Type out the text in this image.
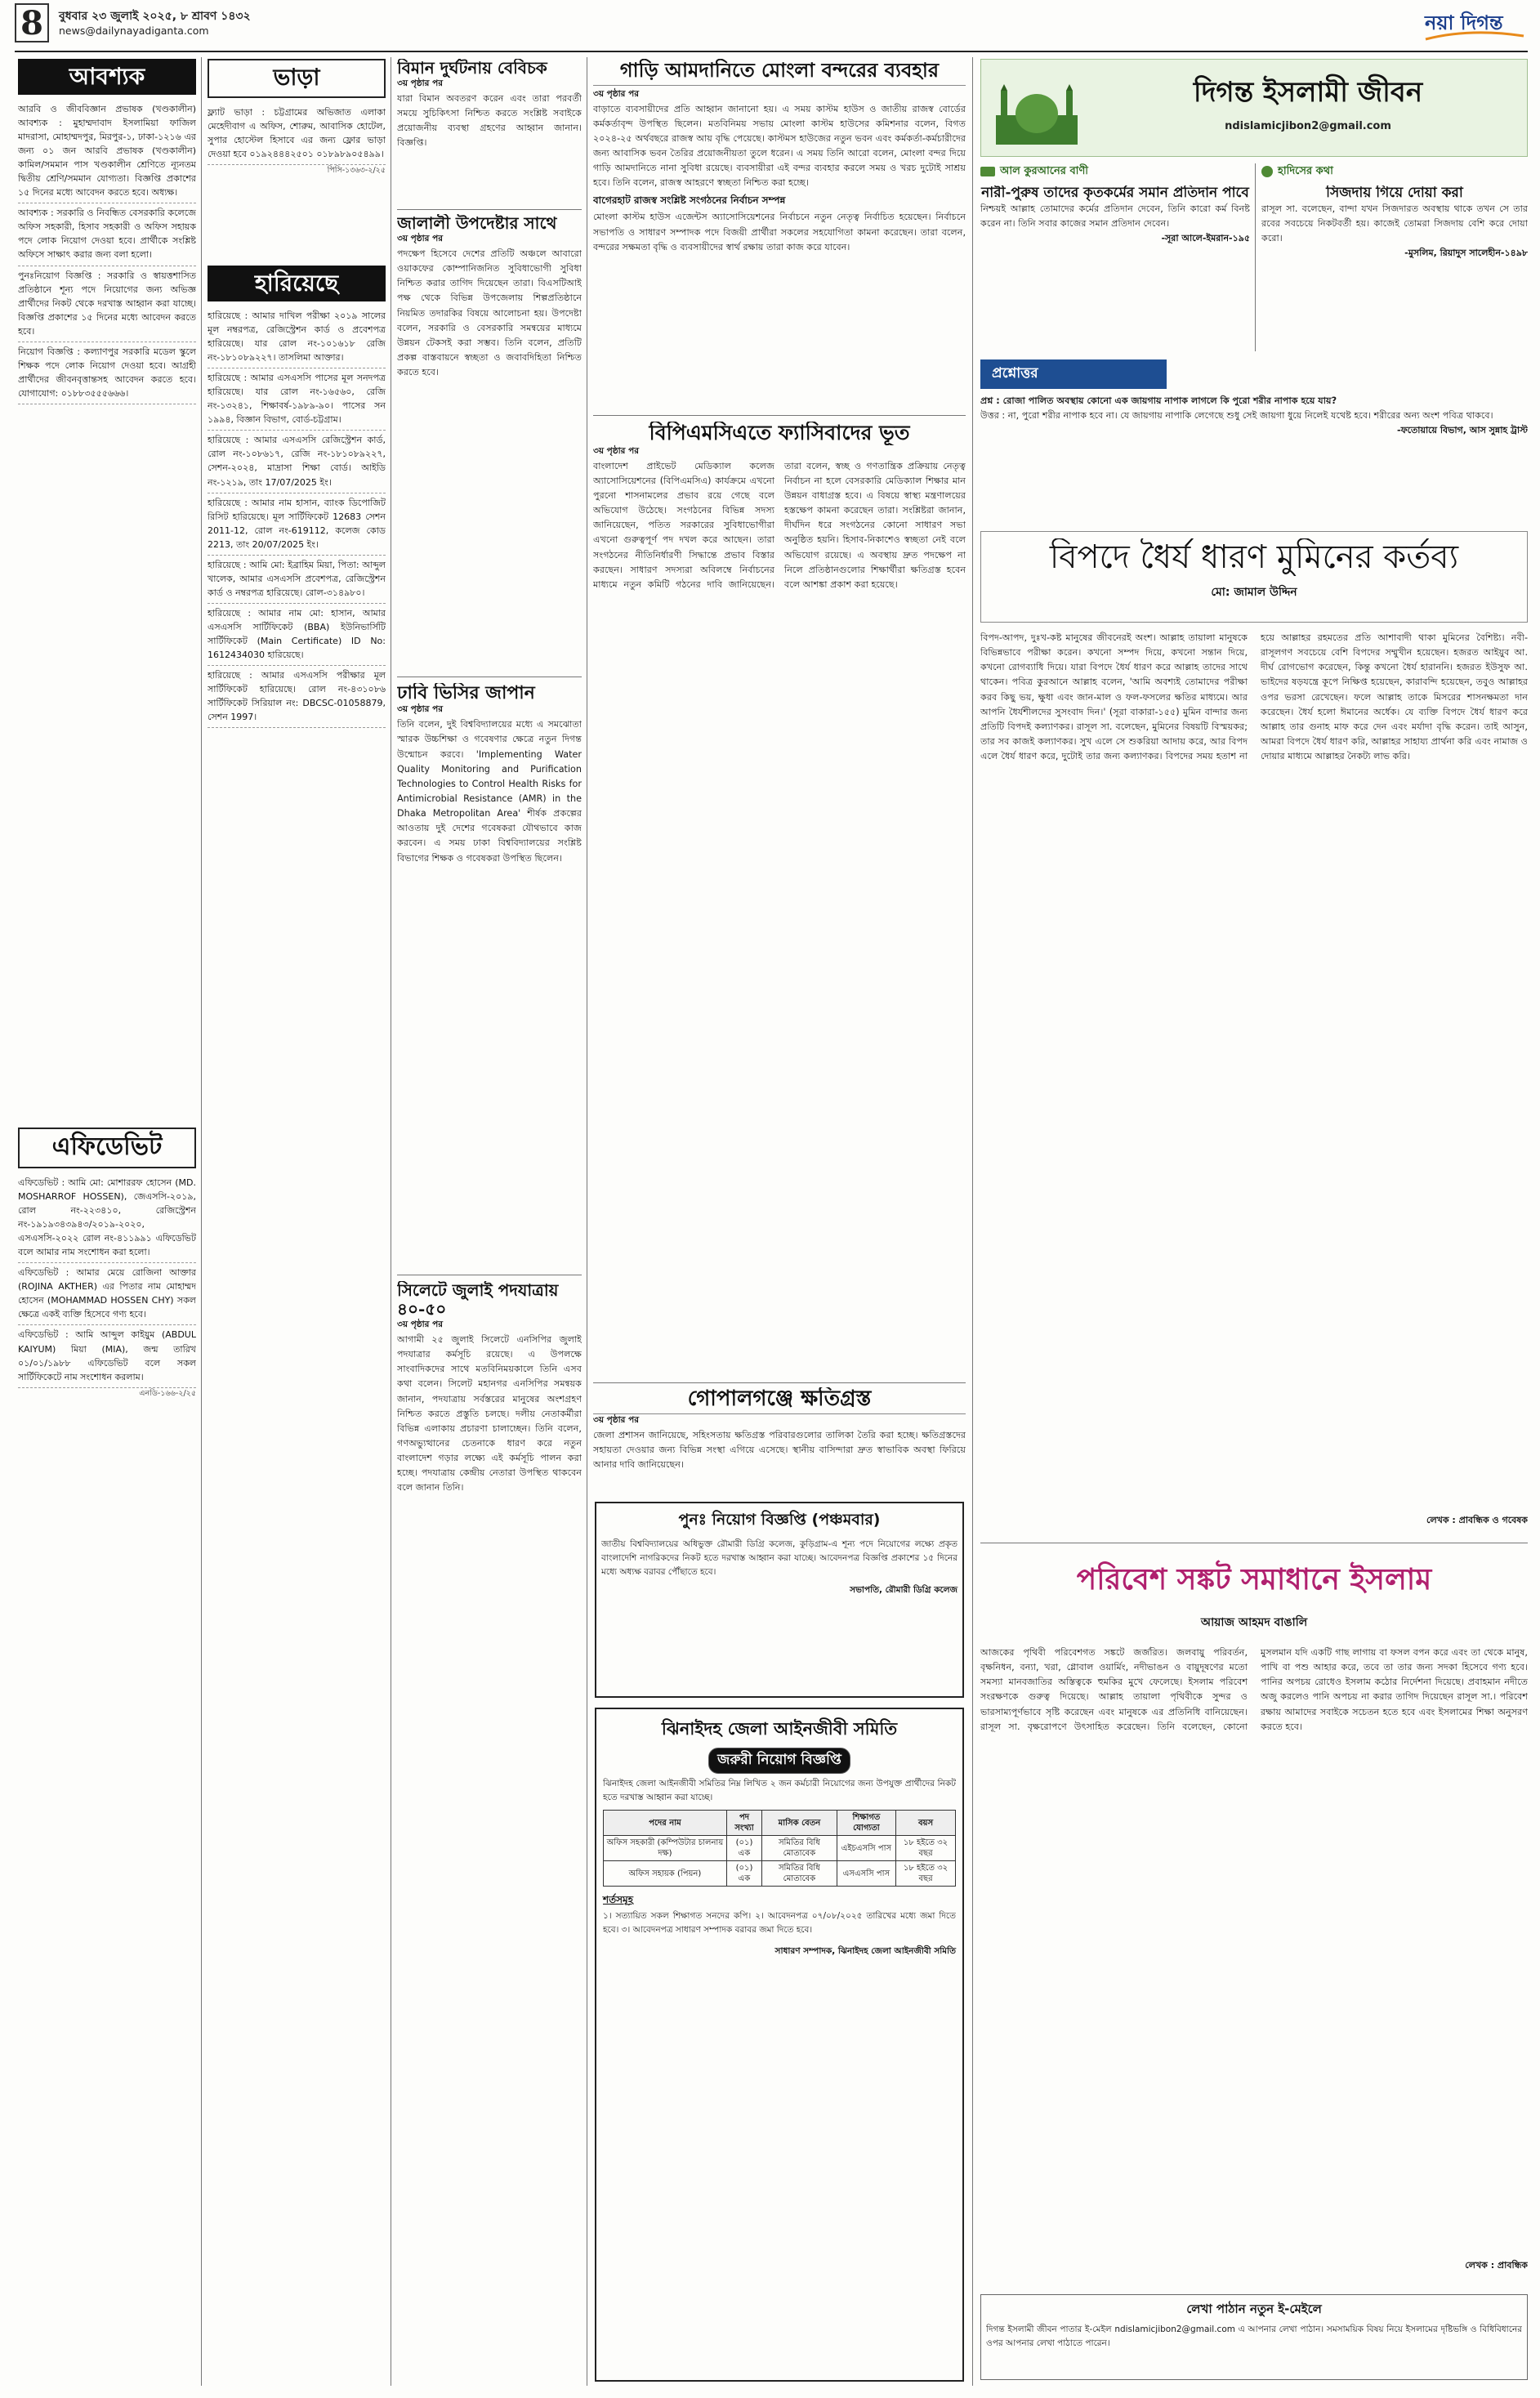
8	বুধবার ২৩ জুলাই ২০২৫, ৮ শ্রাবণ ১৪৩২
news@dailynayadiganta.com	নয়া দিগন্ত
আবশ্যক
আরবি ও জীববিজ্ঞান প্রভাষক (খণ্ডকালীন) আবশ্যক : মুহাম্মদাবাদ ইসলামিয়া ফাজিল মাদরাসা, মোহাম্মদপুর, মিরপুর-১, ঢাকা-১২১৬ এর জন্য ০১ জন আরবি প্রভাষক (খণ্ডকালীন) কামিল/সমমান পাস খণ্ডকালীন শ্রেণিতে ন্যূনতম দ্বিতীয় শ্রেণি/সমমান যোগ্যতা। বিজ্ঞপ্তি প্রকাশের ১৫ দিনের মধ্যে আবেদন করতে হবে। অধ্যক্ষ।
আবশ্যক : সরকারি ও নিবন্ধিত বেসরকারি কলেজে অফিস সহকারী, হিসাব সহকারী ও অফিস সহায়ক পদে লোক নিয়োগ দেওয়া হবে। প্রার্থীকে সংশ্লিষ্ট অফিসে সাক্ষাৎ করার জন্য বলা হলো।
পুনঃনিয়োগ বিজ্ঞপ্তি : সরকারি ও স্বায়ত্তশাসিত প্রতিষ্ঠানে শূন্য পদে নিয়োগের জন্য অভিজ্ঞ প্রার্থীদের নিকট থেকে দরখাস্ত আহ্বান করা যাচ্ছে। বিজ্ঞপ্তি প্রকাশের ১৫ দিনের মধ্যে আবেদন করতে হবে।
নিয়োগ বিজ্ঞপ্তি : কল্যাণপুর সরকারি মডেল স্কুলে শিক্ষক পদে লোক নিয়োগ দেওয়া হবে। আগ্রহী প্রার্থীদের জীবনবৃত্তান্তসহ আবেদন করতে হবে। যোগাযোগ: ০১৮৮৩৫৫৫৬৬৬।
এফিডেভিট
এফিডেভিট : আমি মো: মোশাররফ হোসেন (MD. MOSHARROF HOSSEN), জেএসসি-২০১৯, রোল নং-২২৩৪১০, রেজিস্ট্রেশন নং-১৯১৯৩৪৩৯৪৩/২০১৯-২০২০, এসএসসি-২০২২ রোল নং-৪১১৯৯১ এফিডেভিট বলে আমার নাম সংশোধন করা হলো।
এফিডেভিট : আমার মেয়ে রোজিনা আক্তার (ROJINA AKTHER) এর পিতার নাম মোহাম্মদ হোসেন (MOHAMMAD HOSSEN CHY) সকল ক্ষেত্রে একই ব্যক্তি হিসেবে গণ্য হবে।
এফিডেভিট : আমি আব্দুল কাইয়ুম (ABDUL KAIYUM) মিয়া (MIA), জন্ম তারিখ ০১/০১/১৯৮৮ এফিডেভিট বলে সকল সার্টিফিকেটে নাম সংশোধন করলাম।
এনডি-১৬৬-২/২৫
ভাড়া
ফ্ল্যাট ভাড়া : চট্টগ্রামের অভিজাত এলাকা মেহেদীবাগ এ অফিস, শোরুম, আবাসিক হোটেল, সুপার হোস্টেল হিসাবে এর জন্য ফ্লোর ভাড়া দেওয়া হবে ০১৯২৪৪৪২৫০১ ০১৮৯৮৯০৫৪৯৯।
পিসি-১৩৬৩-২/২৫
হারিয়েছে
হারিয়েছে : আমার দাখিল পরীক্ষা ২০১৯ সালের মূল নম্বরপত্র, রেজিস্ট্রেশন কার্ড ও প্রবেশপত্র হারিয়েছে। যার রোল নং-১০১৬১৮ রেজি নং-১৮১০৮৯২২৭। তাসলিমা আক্তার।
হারিয়েছে : আমার এসএসসি পাসের মূল সনদপত্র হারিয়েছে। যার রোল নং-১৬৫৬০, রেজি নং-১৩২৪১, শিক্ষাবর্ষ-১৯৮৯-৯০। পাসের সন ১৯৯৪, বিজ্ঞান বিভাগ, বোর্ড-চট্টগ্রাম।
হারিয়েছে : আমার এসএসসি রেজিস্ট্রেশন কার্ড, রোল নং-১০৮৬১৭, রেজি নং-১৮১০৮৯২২৭, সেশন-২০২৪, মাদ্রাসা শিক্ষা বোর্ড। আইডি নং-১২১৯, তাং 17/07/2025 ইং।
হারিয়েছে : আমার নাম হাসান, ব্যাংক ডিপোজিট রিসিট হারিয়েছে। মূল সার্টিফিকেট 12683 সেশন 2011-12, রোল নং-619112, কলেজ কোড 2213, তাং 20/07/2025 ইং।
হারিয়েছে : আমি মো: ইব্রাহিম মিয়া, পিতা: আব্দুল খালেক, আমার এসএসসি প্রবেশপত্র, রেজিস্ট্রেশন কার্ড ও নম্বরপত্র হারিয়েছে। রোল-৩১৪৯৮০।
হারিয়েছে : আমার নাম মো: হাসান, আমার এসএসসি সার্টিফিকেট (BBA) ইউনিভার্সিটি সার্টিফিকেট (Main Certificate) ID No: 1612434030 হারিয়েছে।
হারিয়েছে : আমার এসএসসি পরীক্ষার মূল সার্টিফিকেট হারিয়েছে। রোল নং-৪৩১০৮৬ সার্টিফিকেট সিরিয়াল নং: DBCSC-01058879, সেশন 1997।
বিমান দুর্ঘটনায় বেবিচক
৩য় পৃষ্ঠার পর
যারা বিমান অবতরণ করেন এবং তারা পরবর্তী সময়ে সুচিকিৎসা নিশ্চিত করতে সংশ্লিষ্ট সবাইকে প্রয়োজনীয় ব্যবস্থা গ্রহণের আহ্বান জানান। বিজ্ঞপ্তি।
জালালী উপদেষ্টার সাথে
৩য় পৃষ্ঠার পর
পদক্ষেপ হিসেবে দেশের প্রতিটি অঞ্চলে আবারো ওয়াকফের কোম্পানিজনিত সুবিধাভোগী সুবিধা নিশ্চিত করার তাগিদ দিয়েছেন তারা। বিএসটিআই পক্ষ থেকে বিভিন্ন উপজেলায় শিল্পপ্রতিষ্ঠানে নিয়মিত তদারকির বিষয়ে আলোচনা হয়। উপদেষ্টা বলেন, সরকারি ও বেসরকারি সমন্বয়ের মাধ্যমে উন্নয়ন টেকসই করা সম্ভব। তিনি বলেন, প্রতিটি প্রকল্প বাস্তবায়নে স্বচ্ছতা ও জবাবদিহিতা নিশ্চিত করতে হবে।
ঢাবি ভিসির জাপান
৩য় পৃষ্ঠার পর
তিনি বলেন, দুই বিশ্ববিদ্যালয়ের মধ্যে এ সমঝোতা স্মারক উচ্চশিক্ষা ও গবেষণার ক্ষেত্রে নতুন দিগন্ত উন্মোচন করবে। 'Implementing Water Quality Monitoring and Purification Technologies to Control Health Risks for Antimicrobial Resistance (AMR) in the Dhaka Metropolitan Area' শীর্ষক প্রকল্পের আওতায় দুই দেশের গবেষকরা যৌথভাবে কাজ করবেন। এ সময় ঢাকা বিশ্ববিদ্যালয়ের সংশ্লিষ্ট বিভাগের শিক্ষক ও গবেষকরা উপস্থিত ছিলেন।
সিলেটে জুলাই পদযাত্রায় ৪০-৫০
৩য় পৃষ্ঠার পর
আগামী ২৫ জুলাই সিলেটে এনসিপির জুলাই পদযাত্রার কর্মসূচি রয়েছে। এ উপলক্ষে সাংবাদিকদের সাথে মতবিনিময়কালে তিনি এসব কথা বলেন। সিলেট মহানগর এনসিপির সমন্বয়ক জানান, পদযাত্রায় সর্বস্তরের মানুষের অংশগ্রহণ নিশ্চিত করতে প্রস্তুতি চলছে। দলীয় নেতাকর্মীরা বিভিন্ন এলাকায় প্রচারণা চালাচ্ছেন। তিনি বলেন, গণঅভ্যুত্থানের চেতনাকে ধারণ করে নতুন বাংলাদেশ গড়ার লক্ষ্যে এই কর্মসূচি পালন করা হচ্ছে। পদযাত্রায় কেন্দ্রীয় নেতারা উপস্থিত থাকবেন বলে জানান তিনি।
গাড়ি আমদানিতে মোংলা বন্দরের ব্যবহার
৩য় পৃষ্ঠার পর
বাড়াতে ব্যবসায়ীদের প্রতি আহ্বান জানানো হয়। এ সময় কাস্টম হাউস ও জাতীয় রাজস্ব বোর্ডের কর্মকর্তাবৃন্দ উপস্থিত ছিলেন। মতবিনিময় সভায় মোংলা কাস্টম হাউসের কমিশনার বলেন, বিগত ২০২৪-২৫ অর্থবছরে রাজস্ব আয় বৃদ্ধি পেয়েছে। কাস্টমস হাউজের নতুন ভবন এবং কর্মকর্তা-কর্মচারীদের জন্য আবাসিক ভবন তৈরির প্রয়োজনীয়তা তুলে ধরেন। এ সময় তিনি আরো বলেন, মোংলা বন্দর দিয়ে গাড়ি আমদানিতে নানা সুবিধা রয়েছে। ব্যবসায়ীরা এই বন্দর ব্যবহার করলে সময় ও খরচ দুটোই সাশ্রয় হবে। তিনি বলেন, রাজস্ব আহরণে স্বচ্ছতা নিশ্চিত করা হচ্ছে।
বাগেরহাট রাজস্ব সংশ্লিষ্ট সংগঠনের নির্বাচন সম্পন্ন
মোংলা কাস্টম হাউস এজেন্টস অ্যাসোসিয়েশনের নির্বাচনে নতুন নেতৃত্ব নির্বাচিত হয়েছেন। নির্বাচনে সভাপতি ও সাধারণ সম্পাদক পদে বিজয়ী প্রার্থীরা সকলের সহযোগিতা কামনা করেছেন। তারা বলেন, বন্দরের সক্ষমতা বৃদ্ধি ও ব্যবসায়ীদের স্বার্থ রক্ষায় তারা কাজ করে যাবেন।
বিপিএমসিএতে ফ্যাসিবাদের ভূত
৩য় পৃষ্ঠার পর
বাংলাদেশ প্রাইভেট মেডিক্যাল কলেজ অ্যাসোসিয়েশনের (বিপিএমসিএ) কার্যক্রমে এখনো পুরনো শাসনামলের প্রভাব রয়ে গেছে বলে অভিযোগ উঠেছে। সংগঠনের বিভিন্ন সদস্য জানিয়েছেন, পতিত সরকারের সুবিধাভোগীরা এখনো গুরুত্বপূর্ণ পদ দখল করে আছেন। তারা সংগঠনের নীতিনির্ধারণী সিদ্ধান্তে প্রভাব বিস্তার করছেন। সাধারণ সদস্যরা অবিলম্বে নির্বাচনের মাধ্যমে নতুন কমিটি গঠনের দাবি জানিয়েছেন। তারা বলেন, স্বচ্ছ ও গণতান্ত্রিক প্রক্রিয়ায় নেতৃত্ব নির্বাচন না হলে বেসরকারি মেডিক্যাল শিক্ষার মান উন্নয়ন বাধাগ্রস্ত হবে। এ বিষয়ে স্বাস্থ্য মন্ত্রণালয়ের হস্তক্ষেপ কামনা করেছেন তারা। সংশ্লিষ্টরা জানান, দীর্ঘদিন ধরে সংগঠনের কোনো সাধারণ সভা অনুষ্ঠিত হয়নি। হিসাব-নিকাশেও স্বচ্ছতা নেই বলে অভিযোগ রয়েছে। এ অবস্থায় দ্রুত পদক্ষেপ না নিলে প্রতিষ্ঠানগুলোর শিক্ষার্থীরা ক্ষতিগ্রস্ত হবেন বলে আশঙ্কা প্রকাশ করা হয়েছে।
গোপালগঞ্জে ক্ষতিগ্রস্ত
৩য় পৃষ্ঠার পর
জেলা প্রশাসন জানিয়েছে, সহিংসতায় ক্ষতিগ্রস্ত পরিবারগুলোর তালিকা তৈরি করা হচ্ছে। ক্ষতিগ্রস্তদের সহায়তা দেওয়ার জন্য বিভিন্ন সংস্থা এগিয়ে এসেছে। স্থানীয় বাসিন্দারা দ্রুত স্বাভাবিক অবস্থা ফিরিয়ে আনার দাবি জানিয়েছেন।
পুনঃ নিয়োগ বিজ্ঞপ্তি (পঞ্চমবার)
জাতীয় বিশ্ববিদ্যালয়ের অধিভুক্ত রৌমারী ডিগ্রি কলেজ, কুড়িগ্রাম-এ শূন্য পদে নিয়োগের লক্ষ্যে প্রকৃত বাংলাদেশি নাগরিকদের নিকট হতে দরখাস্ত আহ্বান করা যাচ্ছে। আবেদনপত্র বিজ্ঞপ্তি প্রকাশের ১৫ দিনের মধ্যে অধ্যক্ষ বরাবর পৌঁছাতে হবে।
সভাপতি, রৌমারী ডিগ্রি কলেজ
ঝিনাইদহ জেলা আইনজীবী সমিতি
জরুরী নিয়োগ বিজ্ঞপ্তি
ঝিনাইদহ জেলা আইনজীবী সমিতির নিম্ন লিখিত ২ জন কর্মচারী নিয়োগের জন্য উপযুক্ত প্রার্থীদের নিকট হতে দরখাস্ত আহ্বান করা যাচ্ছে।
পদের নাম	পদ সংখ্যা	মাসিক বেতন	শিক্ষাগত যোগ্যতা	বয়স
অফিস সহকারী (কম্পিউটার চালনায় দক্ষ)	(০১) এক	সমিতির বিধি মোতাবেক	এইচএসসি পাস	১৮ হইতে ৩২ বছর
অফিস সহায়ক (পিয়ন)	(০১) এক	সমিতির বিধি মোতাবেক	এসএসসি পাস	১৮ হইতে ৩২ বছর
শর্তসমূহ
১। সত্যায়িত সকল শিক্ষাগত সনদের কপি। ২। আবেদনপত্র ০৭/০৮/২০২৫ তারিখের মধ্যে জমা দিতে হবে। ৩। আবেদনপত্র সাধারণ সম্পাদক বরাবর জমা দিতে হবে।
সাধারণ সম্পাদক, ঝিনাইদহ জেলা আইনজীবী সমিতি
দিগন্ত ইসলামী জীবন
ndislamicjibon2@gmail.com
আল কুরআনের বাণী
নারী-পুরুষ তাদের কৃতকর্মের সমান প্রতিদান পাবে
নিশ্চয়ই আল্লাহ তোমাদের কর্মের প্রতিদান দেবেন, তিনি কারো কর্ম বিনষ্ট করেন না। তিনি সবার কাজের সমান প্রতিদান দেবেন।
-সূরা আলে-ইমরান-১৯৫
হাদিসের কথা
সিজদায় গিয়ে দোয়া করা
রাসূল সা. বলেছেন, বান্দা যখন সিজদারত অবস্থায় থাকে তখন সে তার রবের সবচেয়ে নিকটবর্তী হয়। কাজেই তোমরা সিজদায় বেশি করে দোয়া করো।
-মুসলিম, রিয়াদুস সালেহীন-১৪৯৮
প্রশ্নোত্তর
প্রশ্ন : রোজা পালিত অবস্থায় কোনো এক জায়গায় নাপাক লাগলে কি পুরো শরীর নাপাক হয়ে যায়?
উত্তর : না, পুরো শরীর নাপাক হবে না। যে জায়গায় নাপাকি লেগেছে শুধু সেই জায়গা ধুয়ে নিলেই যথেষ্ট হবে। শরীরের অন্য অংশ পবিত্র থাকবে।
-ফতোয়ায়ে বিভাগ, আস সুন্নাহ ট্রাস্ট
বিপদে ধৈর্য ধারণ মুমিনের কর্তব্য
মো: জামাল উদ্দিন
বিপদ-আপদ, দুঃখ-কষ্ট মানুষের জীবনেরই অংশ। আল্লাহ তায়ালা মানুষকে বিভিন্নভাবে পরীক্ষা করেন। কখনো সম্পদ দিয়ে, কখনো সন্তান দিয়ে, কখনো রোগব্যাধি দিয়ে। যারা বিপদে ধৈর্য ধারণ করে আল্লাহ তাদের সাথে থাকেন। পবিত্র কুরআনে আল্লাহ বলেন, 'আমি অবশ্যই তোমাদের পরীক্ষা করব কিছু ভয়, ক্ষুধা এবং জান-মাল ও ফল-ফসলের ক্ষতির মাধ্যমে। আর আপনি ধৈর্যশীলদের সুসংবাদ দিন।' (সূরা বাকারা-১৫৫) মুমিন বান্দার জন্য প্রতিটি বিপদই কল্যাণকর। রাসূল সা. বলেছেন, মুমিনের বিষয়টি বিস্ময়কর; তার সব কাজই কল্যাণকর। সুখ এলে সে শুকরিয়া আদায় করে, আর বিপদ এলে ধৈর্য ধারণ করে, দুটোই তার জন্য কল্যাণকর। বিপদের সময় হতাশ না হয়ে আল্লাহর রহমতের প্রতি আশাবাদী থাকা মুমিনের বৈশিষ্ট্য। নবী-রাসূলগণ সবচেয়ে বেশি বিপদের সম্মুখীন হয়েছেন। হজরত আইয়ুব আ. দীর্ঘ রোগভোগ করেছেন, কিন্তু কখনো ধৈর্য হারাননি। হজরত ইউসুফ আ. ভাইদের ষড়যন্ত্রে কূপে নিক্ষিপ্ত হয়েছেন, কারাবন্দি হয়েছেন, তবুও আল্লাহর ওপর ভরসা রেখেছেন। ফলে আল্লাহ তাকে মিসরের শাসনক্ষমতা দান করেছেন। ধৈর্য হলো ঈমানের অর্ধেক। যে ব্যক্তি বিপদে ধৈর্য ধারণ করে আল্লাহ তার গুনাহ মাফ করে দেন এবং মর্যাদা বৃদ্ধি করেন। তাই আসুন, আমরা বিপদে ধৈর্য ধারণ করি, আল্লাহর সাহায্য প্রার্থনা করি এবং নামাজ ও দোয়ার মাধ্যমে আল্লাহর নৈকট্য লাভ করি।
লেখক : প্রাবন্ধিক ও গবেষক
পরিবেশ সঙ্কট সমাধানে ইসলাম
আয়াজ আহমদ বাঙালি
আজকের পৃথিবী পরিবেশগত সঙ্কটে জর্জরিত। জলবায়ু পরিবর্তন, বৃক্ষনিধন, বন্যা, খরা, গ্লোবাল ওয়ার্মিং, নদীভাঙন ও বায়ুদূষণের মতো সমস্যা মানবজাতির অস্তিত্বকে হুমকির মুখে ফেলেছে। ইসলাম পরিবেশ সংরক্ষণকে গুরুত্ব দিয়েছে। আল্লাহ তায়ালা পৃথিবীকে সুন্দর ও ভারসাম্যপূর্ণভাবে সৃষ্টি করেছেন এবং মানুষকে এর প্রতিনিধি বানিয়েছেন। রাসূল সা. বৃক্ষরোপণে উৎসাহিত করেছেন। তিনি বলেছেন, কোনো মুসলমান যদি একটি গাছ লাগায় বা ফসল বপন করে এবং তা থেকে মানুষ, পাখি বা পশু আহার করে, তবে তা তার জন্য সদকা হিসেবে গণ্য হবে। পানির অপচয় রোধেও ইসলাম কঠোর নির্দেশনা দিয়েছে। প্রবাহমান নদীতে অজু করলেও পানি অপচয় না করার তাগিদ দিয়েছেন রাসূল সা.। পরিবেশ রক্ষায় আমাদের সবাইকে সচেতন হতে হবে এবং ইসলামের শিক্ষা অনুসরণ করতে হবে।
লেখক : প্রাবন্ধিক
লেখা পাঠান নতুন ই-মেইলে
দিগন্ত ইসলামী জীবন পাতার ই-মেইল ndislamicjibon2@gmail.com এ আপনার লেখা পাঠান। সমসাময়িক বিষয় নিয়ে ইসলামের দৃষ্টিভঙ্গি ও বিধিবিধানের ওপর আপনার লেখা পাঠাতে পারেন।
